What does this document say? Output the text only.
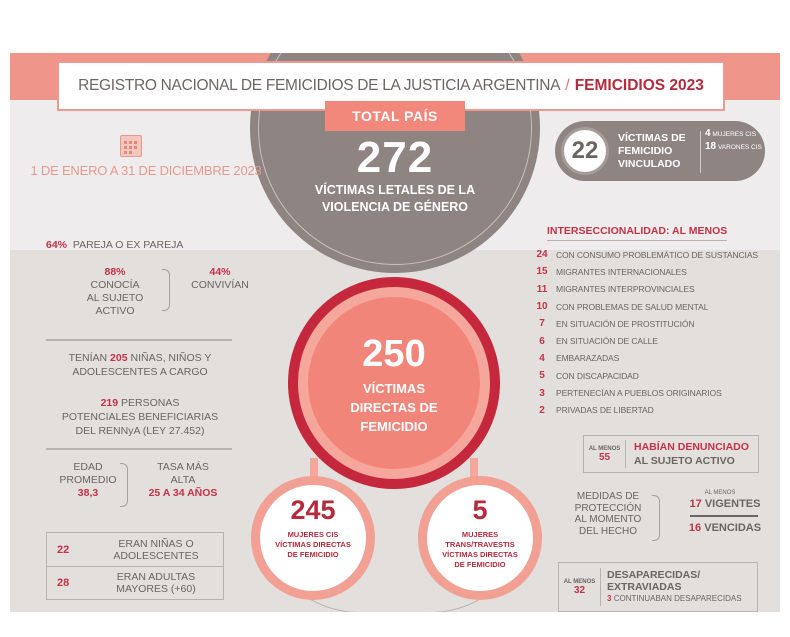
REGISTRO NACIONAL DE FEMICIDIOS DE LA JUSTICIA ARGENTINA / FEMICIDIOS 2023
TOTAL PAÍS
272
VÍCTIMAS LETALES DE LA
VIOLENCIA DE GÉNERO
1 DE ENERO A 31 DE DICIEMBRE 2023
22 VÍCTIMAS DE
FEMICIDIO
VINCULADO
4 MUJERES CIS
18 VARONES CIS
64% PAREJA O EX PAREJA
88%
CONOCÍA
AL SUJETO
ACTIVO
44%
CONVIVÍAN
TENÍAN 205 NIÑAS, NIÑOS Y
ADOLESCENTES A CARGO
219 PERSONAS
POTENCIALES BENEFICIARIAS
DEL RENNyA (LEY 27.452)
EDAD
PROMEDIO
38,3
TASA MÁS
ALTA
25 A 34 AÑOS
22	ERAN NIÑAS O
ADOLESCENTES
28	ERAN ADULTAS
MAYORES (+60)
250
VÍCTIMAS
DIRECTAS DE
FEMICIDIO
245
MUJERES CIS
VÍCTIMAS DIRECTAS
DE FEMICIDIO
5
MUJERES
TRANS/TRAVESTIS
VÍCTIMAS DIRECTAS
DE FEMICIDIO
INTERSECCIONALIDAD: AL MENOS
24 CON CONSUMO PROBLEMÁTICO DE SUSTANCIAS
15 MIGRANTES INTERNACIONALES
11	MIGRANTES INTERPROVINCIALES
10 CON PROBLEMAS DE SALUD MENTAL
7	EN SITUACIÓN DE PROSTITUCIÓN
6	EN SITUACIÓN DE CALLE
4	EMBARAZADAS
5	CON DISCAPACIDAD
3	PERTENECÍAN A PUEBLOS ORIGINARIOS
2	PRIVADAS DE LIBERTAD
AL MENOS
55
HABÍAN DENUNCIADO
AL SUJETO ACTIVO
MEDIDAS DE
PROTECCIÓN
AL MOMENTO
DEL HECHO
AL MENOS
17 VIGENTES
16 VENCIDAS
AL MENOS
32
DESAPARECIDAS/
EXTRAVIADAS
3 CONTINUABAN DESAPARECIDAS
